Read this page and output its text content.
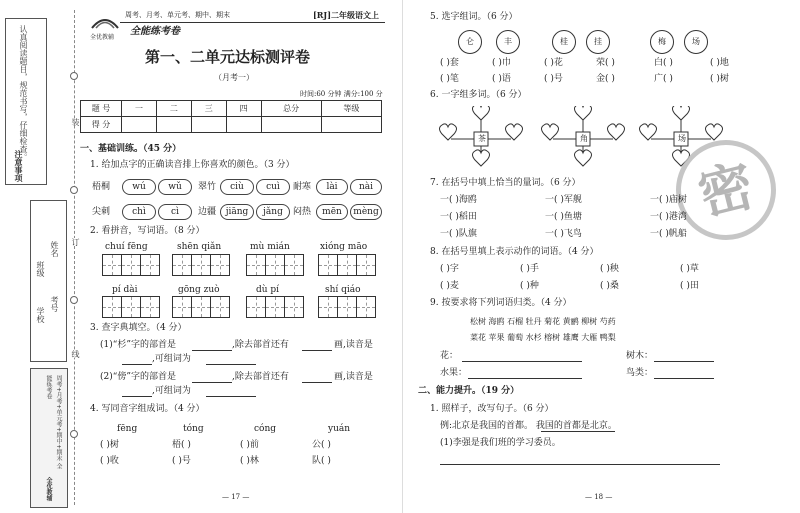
认真阅读题目，规范书写，仔细检查。
注意事项
学校
班级
姓名
考号
周考+月考+单元考+期中+期末 全能练考卷
全优教辅
装
订
线
全优教辅
周考、月考、单元考、期中、期末	[RJ]二年级语文上
全能练考卷
第一、二单元达标测评卷
（月考一）
时间:60 分钟 满分:100 分
题 号	一	二	三	四	总分	等级
得 分						
一、基础训练。（45 分）
1. 给加点字的正确读音排上你喜欢的颜色。（3 分）
梧桐	wú	wǔ	翠竹	ciù	cuì	耐寒	lài	nài
尖刺	chì	cì	边疆	jiāng	jǎng	闷热	mēn	mèng
2. 看拼音，写词语。（8 分）
chuí fēng	shēn qiǎn	mù mián	xióng māo
pí dài	gōng zuò	dù pí	shí qiáo
3. 查字典填空。（4 分）
(1)“杉”字的部首是	,除去部首还有	画,读音是
,可组词为
(2)“傍”字的部首是	,除去部首还有	画,读音是
,可组词为
4. 写同音字组成词。（4 分）
fēng	tóng	cóng	yuán
( )树	梧( )	( )前	公( )
( )收	( )号	( )林	队( )
— 17 —
5. 选字组词。（6 分）
仑	丰	桂	挂	梅	场
( )套	( )巾	( )花	荣( )	白( )	( )地
( )笔	( )语	( )号	金( )	广( )	( )树
6. 一字组多词。（6 分）
茶	角	场
密
7. 在括号中填上恰当的量词。（6 分）
一( )海鸥	一( )军舰	一( )庙树
一( )稻田	一( )鱼塘	一( )港湾
一( )队旗	一( )飞鸟	一( )帆船
8. 在括号里填上表示动作的词语。（4 分）
( )字	( )手	( )秧	( )草
( )麦	( )种	( )桑	( )田
9. 按要求将下列词语归类。（4 分）
松树 海鸥 石榴 牡丹 菊花 黄鹂 柳树 芍药
菜花 苹果 葡萄 水杉 榕树 雄鹰 大雁 鸭梨
花：	树木：
水果：	鸟类：
二、能力提升。（19 分）
1. 照样子，改写句子。（6 分）
例:北京是我国的首都。 我国的首都是北京。
(1)李强是我们班的学习委员。
— 18 —
